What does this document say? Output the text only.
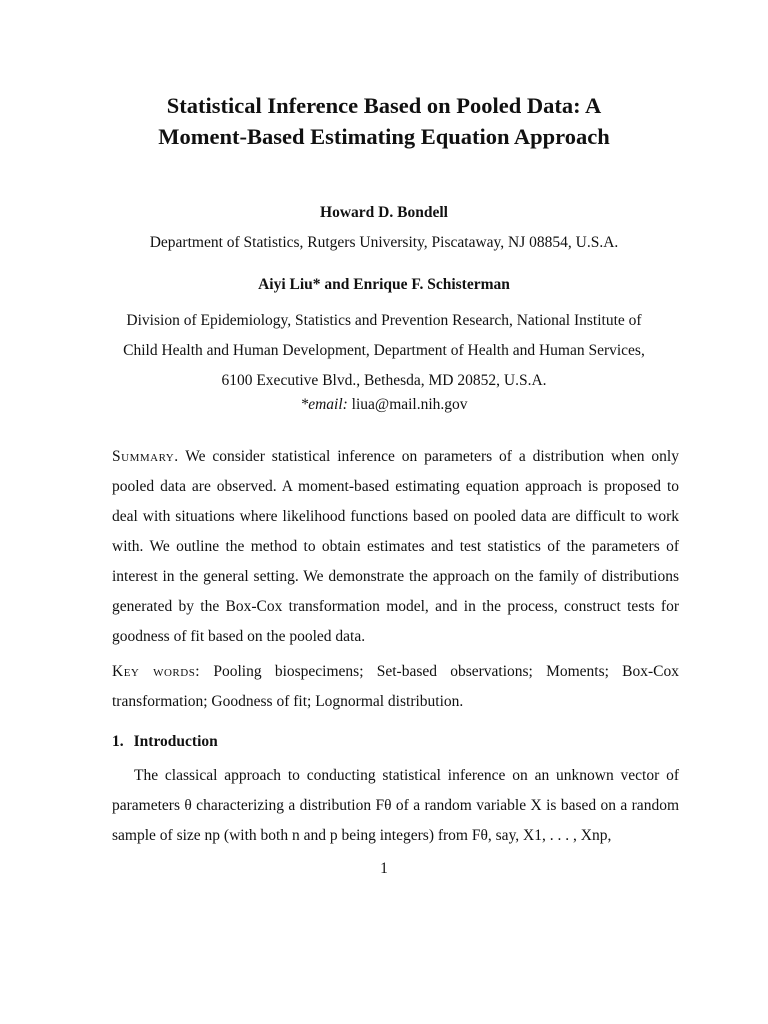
Statistical Inference Based on Pooled Data: A
Moment-Based Estimating Equation Approach
Howard D. Bondell
Department of Statistics, Rutgers University, Piscataway, NJ 08854, U.S.A.
Aiyi Liu* and Enrique F. Schisterman
Division of Epidemiology, Statistics and Prevention Research, National Institute of
Child Health and Human Development, Department of Health and Human Services,
6100 Executive Blvd., Bethesda, MD 20852, U.S.A.
*email: liua@mail.nih.gov
Summary. We consider statistical inference on parameters of a distribution when only pooled data are observed. A moment-based estimating equation approach is proposed to deal with situations where likelihood functions based on pooled data are difficult to work with. We outline the method to obtain estimates and test statistics of the parameters of interest in the general setting. We demonstrate the approach on the family of distributions generated by the Box-Cox transformation model, and in the process, construct tests for goodness of fit based on the pooled data.
Key words: Pooling biospecimens; Set-based observations; Moments; Box-Cox transformation; Goodness of fit; Lognormal distribution.
1. Introduction
The classical approach to conducting statistical inference on an unknown vector of parameters θ characterizing a distribution Fθ of a random variable X is based on a random sample of size np (with both n and p being integers) from Fθ, say, X1, . . . , Xnp,
1
